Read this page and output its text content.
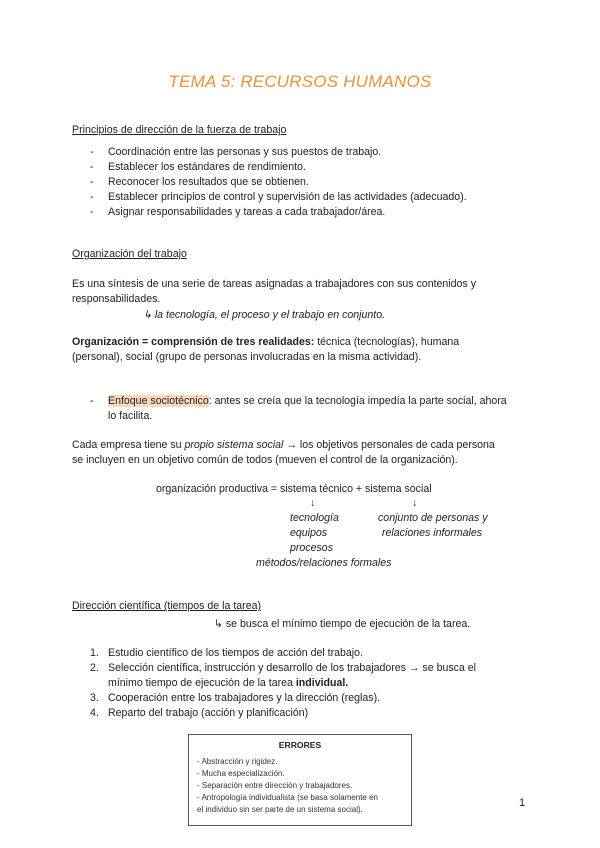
TEMA 5: RECURSOS HUMANOS
Principios de dirección de la fuerza de trabajo
- Coordinación entre las personas y sus puestos de trabajo.
- Establecer los estándares de rendimiento.
- Reconocer los resultados que se obtienen.
- Establecer principios de control y supervisión de las actividades (adecuado).
- Asignar responsabilidades y tareas a cada trabajador/área.
Organización del trabajo
Es una síntesis de una serie de tareas asignadas a trabajadores con sus contenidos y
responsabilidades.
↳ la tecnología, el proceso y el trabajo en conjunto.
Organización = comprensión de tres realidades: técnica (tecnologías), humana
(personal), social (grupo de personas involucradas en la misma actividad).
- Enfoque sociotécnico: antes se creía que la tecnología impedía la parte social, ahora
lo facilita.
Cada empresa tiene su propio sistema social → los objetivos personales de cada persona
se incluyen en un objetivo común de todos (mueven el control de la organización).
organización productiva = sistema técnico + sistema social
↓	↓
tecnología
equipos
procesos
métodos/relaciones formales
conjunto de personas y
relaciones informales
Dirección científica (tiempos de la tarea)
↳ se busca el mínimo tiempo de ejecución de la tarea.
1. Estudio científico de los tiempos de acción del trabajo.
2. Selección científica, instrucción y desarrollo de los trabajadores → se busca el
mínimo tiempo de ejecución de la tarea individual.
3. Cooperación entre los trabajadores y la dirección (reglas).
4. Reparto del trabajo (acción y planificación)
ERRORES
- Abstracción y rigidez.
- Mucha especialización.
- Separación entre dirección y trabajadores.
- Antropología individualista (se basa solamente en
el individuo sin ser parte de un sistema social).
1
